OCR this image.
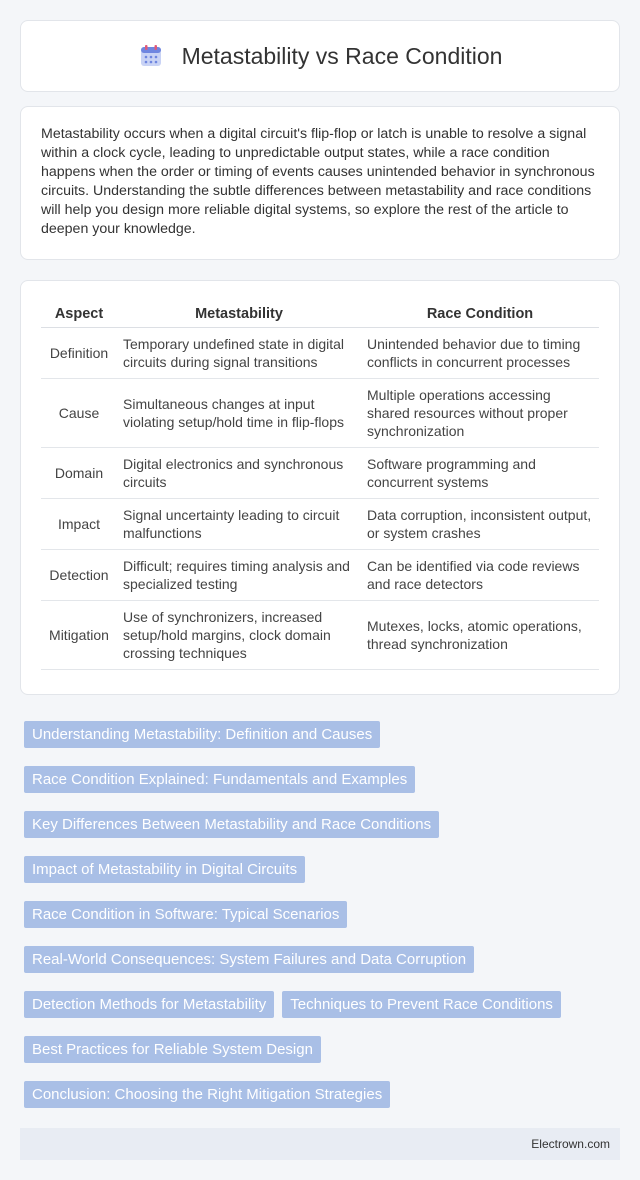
Metastability vs Race Condition

Metastability occurs when a digital circuit's flip-flop or latch is unable to resolve a signal within a clock cycle, leading to unpredictable output states, while a race condition happens when the order or timing of events causes unintended behavior in synchronous circuits. Understanding the subtle differences between metastability and race conditions will help you design more reliable digital systems, so explore the rest of the article to deepen your knowledge.

Aspect	Metastability	Race Condition
Definition	Temporary undefined state in digital circuits during signal transitions	Unintended behavior due to timing conflicts in concurrent processes
Cause	Simultaneous changes at input violating setup/hold time in flip-flops	Multiple operations accessing shared resources without proper synchronization
Domain	Digital electronics and synchronous circuits	Software programming and concurrent systems
Impact	Signal uncertainty leading to circuit malfunctions	Data corruption, inconsistent output, or system crashes
Detection	Difficult; requires timing analysis and specialized testing	Can be identified via code reviews and race detectors
Mitigation	Use of synchronizers, increased setup/hold margins, clock domain crossing techniques	Mutexes, locks, atomic operations, thread synchronization
Understanding Metastability: Definition and Causes
Race Condition Explained: Fundamentals and Examples
Key Differences Between Metastability and Race Conditions
Impact of Metastability in Digital Circuits
Race Condition in Software: Typical Scenarios
Real-World Consequences: System Failures and Data Corruption
Detection Methods for Metastability	Techniques to Prevent Race Conditions
Best Practices for Reliable System Design
Conclusion: Choosing the Right Mitigation Strategies
Electrown.com
